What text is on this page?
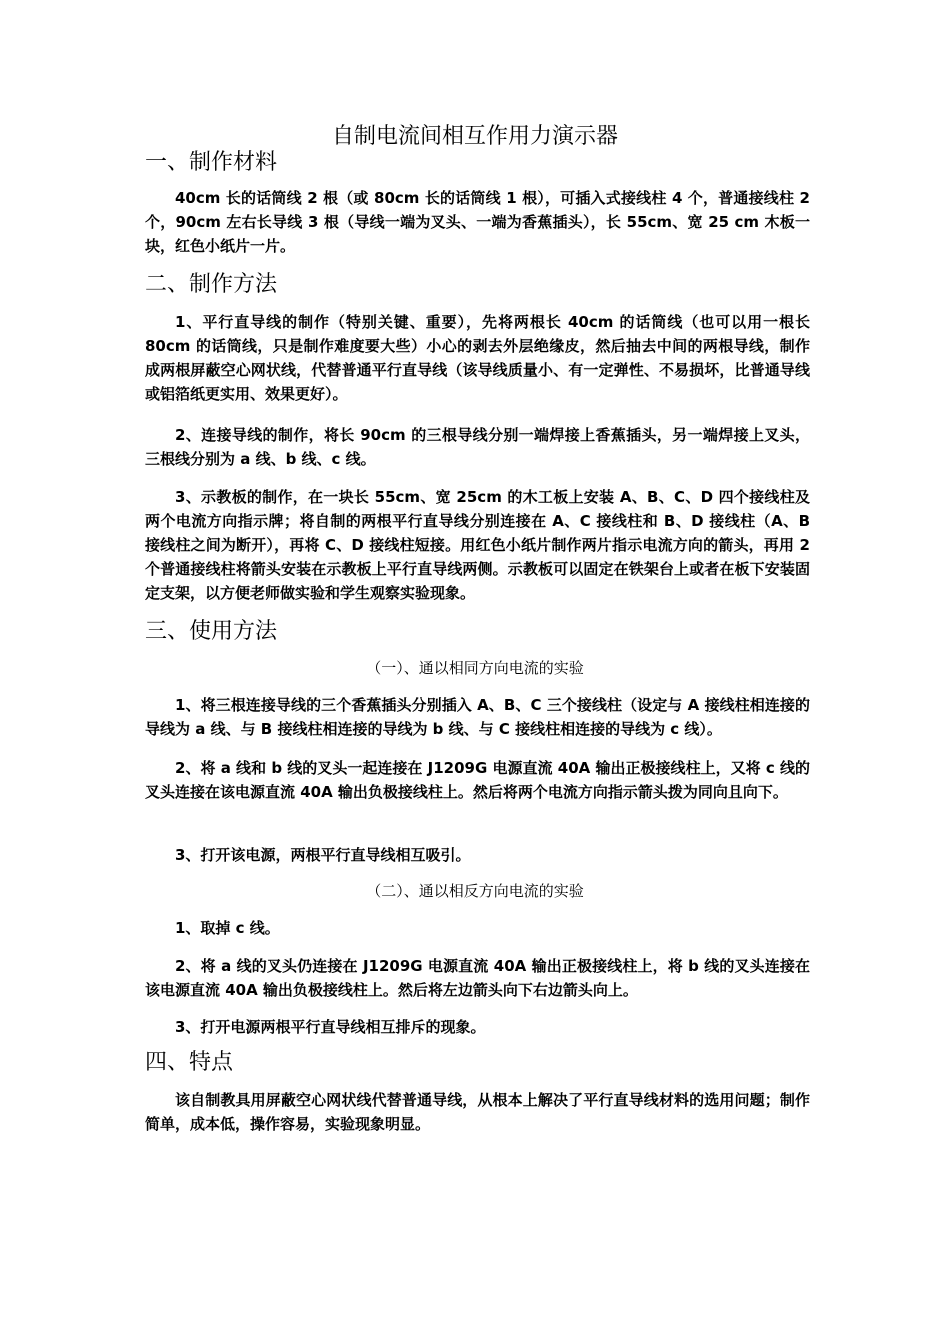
自制电流间相互作用力演示器
一、制作材料

40cm 长的话筒线 2 根（或 80cm 长的话筒线 1 根），可插入式接线柱 4 个，普通接线柱 2 个，90cm 左右长导线 3 根（导线一端为叉头、一端为香蕉插头），长 55cm、宽 25 cm 木板一块，红色小纸片一片。

二、制作方法

1、平行直导线的制作（特别关键、重要），先将两根长 40cm 的话筒线（也可以用一根长 80cm 的话筒线，只是制作难度要大些）小心的剥去外层绝缘皮，然后抽去中间的两根导线，制作成两根屏蔽空心网状线，代替普通平行直导线（该导线质量小、有一定弹性、不易损坏，比普通导线或铝箔纸更实用、效果更好）。

2、连接导线的制作，将长 90cm 的三根导线分别一端焊接上香蕉插头，另一端焊接上叉头，三根线分别为 a 线、b 线、c 线。

3、示教板的制作，在一块长 55cm、宽 25cm 的木工板上安装 A、B、C、D 四个接线柱及两个电流方向指示牌；将自制的两根平行直导线分别连接在 A、C 接线柱和 B、D 接线柱（A、B 接线柱之间为断开），再将 C、D 接线柱短接。用红色小纸片制作两片指示电流方向的箭头，再用 2 个普通接线柱将箭头安装在示教板上平行直导线两侧。示教板可以固定在铁架台上或者在板下安装固定支架，以方便老师做实验和学生观察实验现象。

三、使用方法
（一）、通以相同方向电流的实验

1、将三根连接导线的三个香蕉插头分别插入 A、B、C 三个接线柱（设定与 A 接线柱相连接的导线为 a 线、与 B 接线柱相连接的导线为 b 线、与 C 接线柱相连接的导线为 c 线）。

2、将 a 线和 b 线的叉头一起连接在 J1209G 电源直流 40A 输出正极接线柱上，又将 c 线的叉头连接在该电源直流 40A 输出负极接线柱上。然后将两个电流方向指示箭头拨为同向且向下。

3、打开该电源，两根平行直导线相互吸引。

（二）、通以相反方向电流的实验

1、取掉 c 线。

2、将 a 线的叉头仍连接在 J1209G 电源直流 40A 输出正极接线柱上，将 b 线的叉头连接在该电源直流 40A 输出负极接线柱上。然后将左边箭头向下右边箭头向上。

3、打开电源两根平行直导线相互排斥的现象。

四、特点

该自制教具用屏蔽空心网状线代替普通导线，从根本上解决了平行直导线材料的选用问题；制作简单，成本低，操作容易，实验现象明显。
